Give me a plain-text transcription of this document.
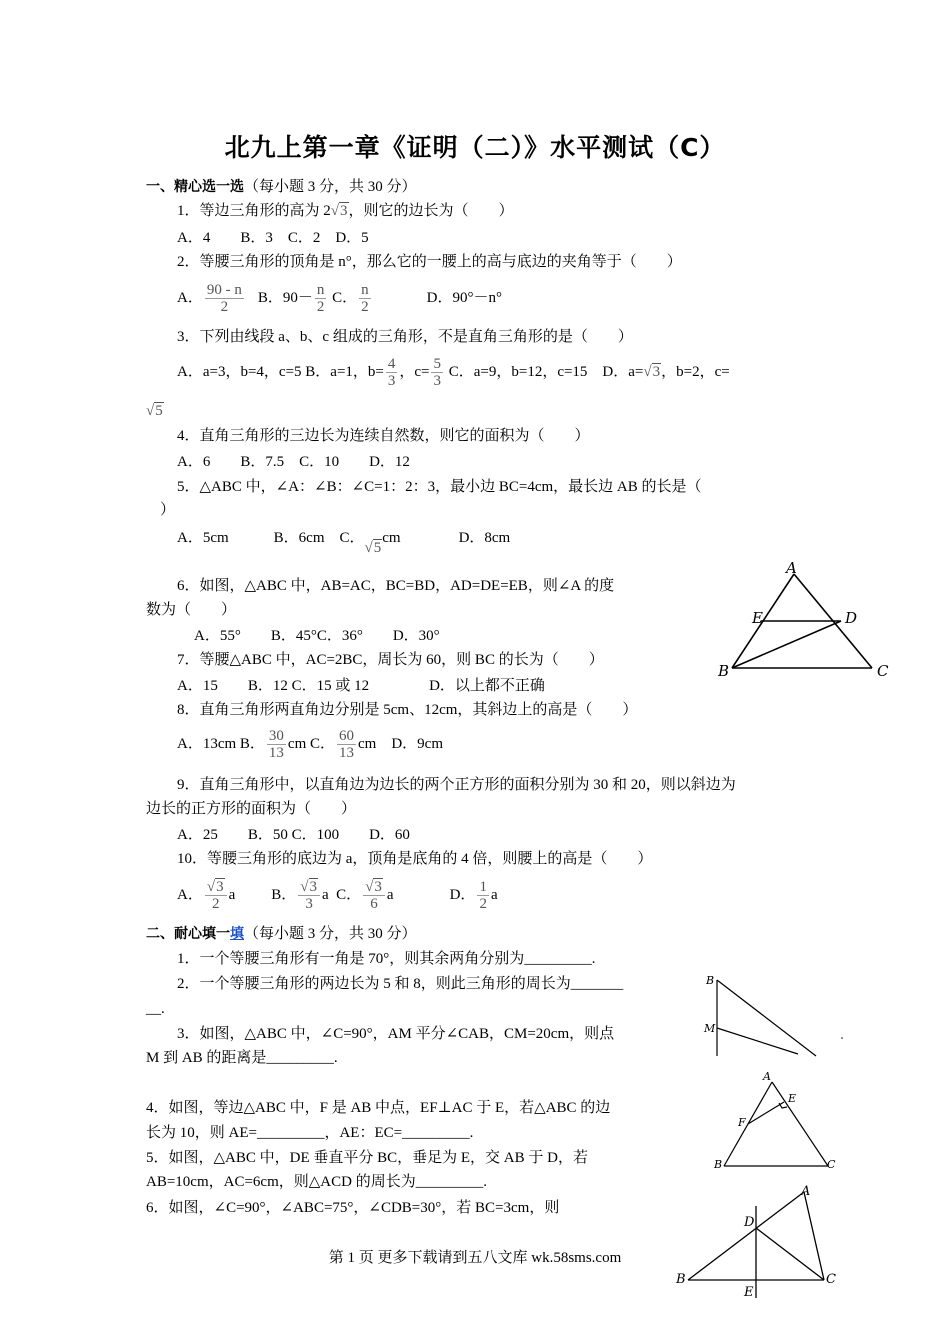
北九上第一章《证明（二）》水平测试（C）
一、精心选一选（每小题 3 分，共 30 分）
1．等边三角形的高为 2√3，则它的边长为（　　）
A．4　　B．3　C．2　D．5
2．等腰三角形的顶角是 n°，那么它的一腰上的高与底边的夹角等于（　　）
A． $\frac{90 - n}{2}$ B．$90- \frac{n}{2}$ C． $\frac{n}{2}$	D．90°－n°
3．下列由线段 a、b、c 组成的三角形，不是直角三角形的是（　　）
A．a=3，b=4，c=5 B．a=1，$b= \frac{4}{3}$ ，$c= \frac{5}{3}$ C．a=9，b=12，c=15　D．a=√3，b=2，c=
√5
4．直角三角形的三边长为连续自然数，则它的面积为（　　）
A．6　　B．7.5　C．10　　D．12
5．△ABC 中，∠A：∠B：∠C=1：2：3，最小边 BC=4cm，最长边 AB 的长是（
）
A．5cm　　　B．6cm　C．√5cm	D．8cm
6．如图，△ABC 中，AB=AC，BC=BD，AD=DE=EB，则∠A 的度
数为（　　）
A．55°　　B．45°C．36°　　D．30°
7．等腰△ABC 中，AC=2BC，周长为 60，则 BC 的长为（　　）
A．15　　B．12 C．15 或 12　　　　D．以上都不正确
8．直角三角形两直角边分别是 5cm、12cm，其斜边上的高是（　　）
A．13cm B． $\frac{30}{13}$ cm C． $\frac{60}{13}$ cm　D．9cm
9．直角三角形中，以直角边为边长的两个正方形的面积分别为 30 和 20，则以斜边为
边长的正方形的面积为（　　）
A．25　　B．50 C．100　　D．60
10．等腰三角形的底边为 a，顶角是底角的 4 倍，则腰上的高是（　　）
A． $\frac{√3}{2}$ a B． $\frac{√3}{3}$ a C． $\frac{√3}{6}$ a	D． $\frac{1}{2}$ a
二、耐心填一填（每小题 3 分，共 30 分）
1．一个等腰三角形有一角是 70°，则其余两角分别为_________.
2．一个等腰三角形的两边长为 5 和 8，则此三角形的周长为_______
__.
3．如图，△ABC 中，∠C=90°，AM 平分∠CAB，CM=20cm，则点
M 到 AB 的距离是_________.
4．如图，等边△ABC 中，F 是 AB 中点，EF⊥AC 于 E，若△ABC 的边
长为 10，则 AE=_________，AE：EC=_________.
5．如图，△ABC 中，DE 垂直平分 BC，垂足为 E，交 AB 于 D，若
AB=10cm，AC=6cm，则△ACD 的周长为_________.
6．如图，∠C=90°，∠ABC=75°，∠CDB=30°，若 BC=3cm，则
A
E	D
B	C
B
M
A
E
F
B	C
A
D
B
E
C
第 1 页 更多下载请到五八文库 wk.58sms.com
